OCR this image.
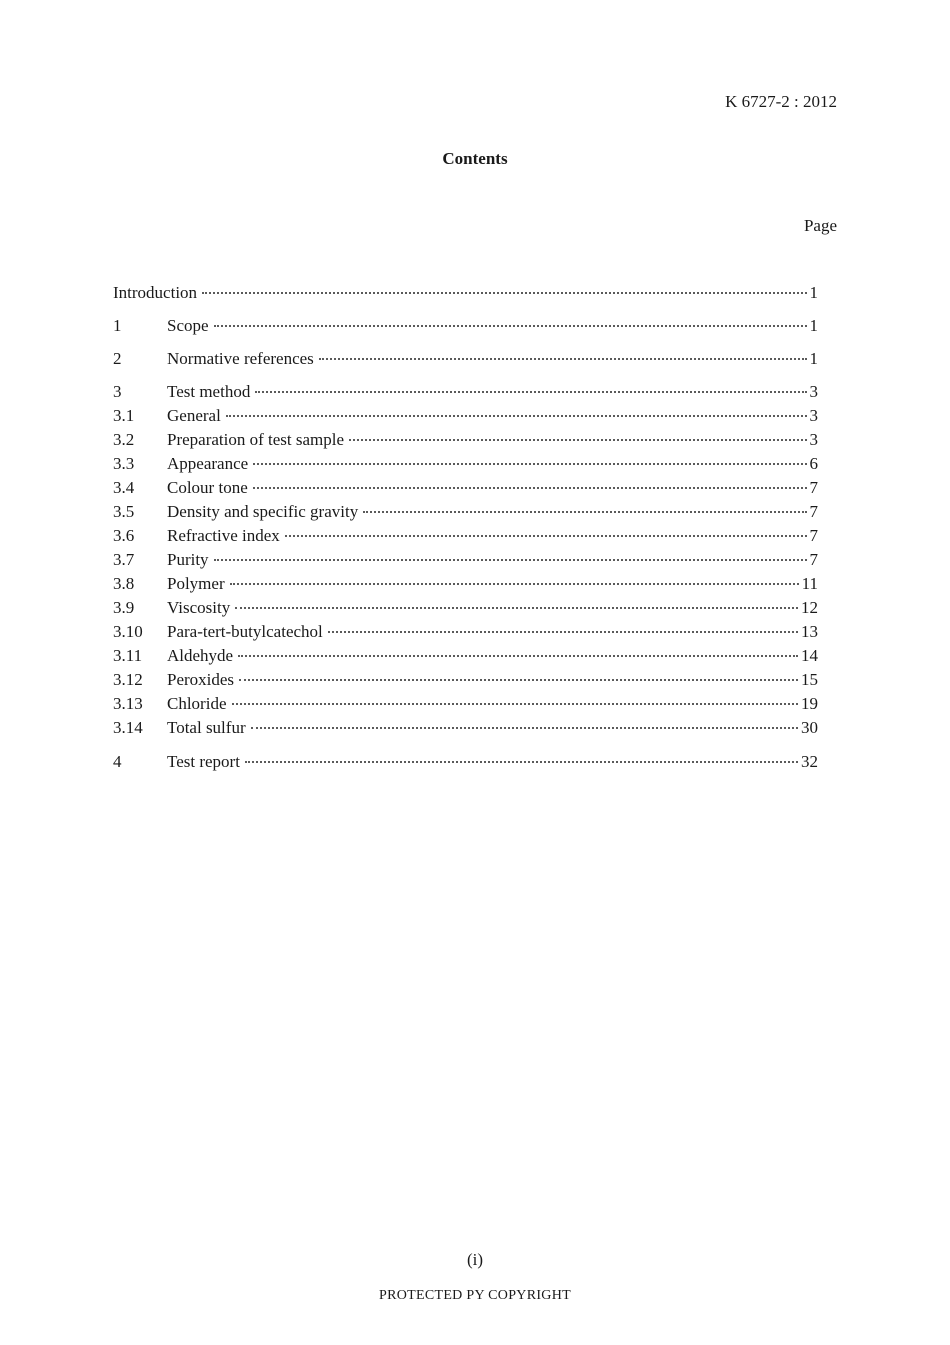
K 6727-2 : 2012
Contents
Page
Introduction	1
1	Scope	1
2	Normative references	1
3	Test method	3
3.1 General	3
3.2 Preparation of test sample	3
3.3 Appearance	6
3.4 Colour tone	7
3.5 Density and specific gravity	7
3.6 Refractive index	7
3.7 Purity	7
3.8 Polymer	11
3.9 Viscosity	12
3.10 Para-tert-butylcatechol	13
3.11 Aldehyde	14
3.12 Peroxides	15
3.13 Chloride	19
3.14 Total sulfur	30
4	Test report	32
(i)
PROTECTED PY COPYRIGHT
